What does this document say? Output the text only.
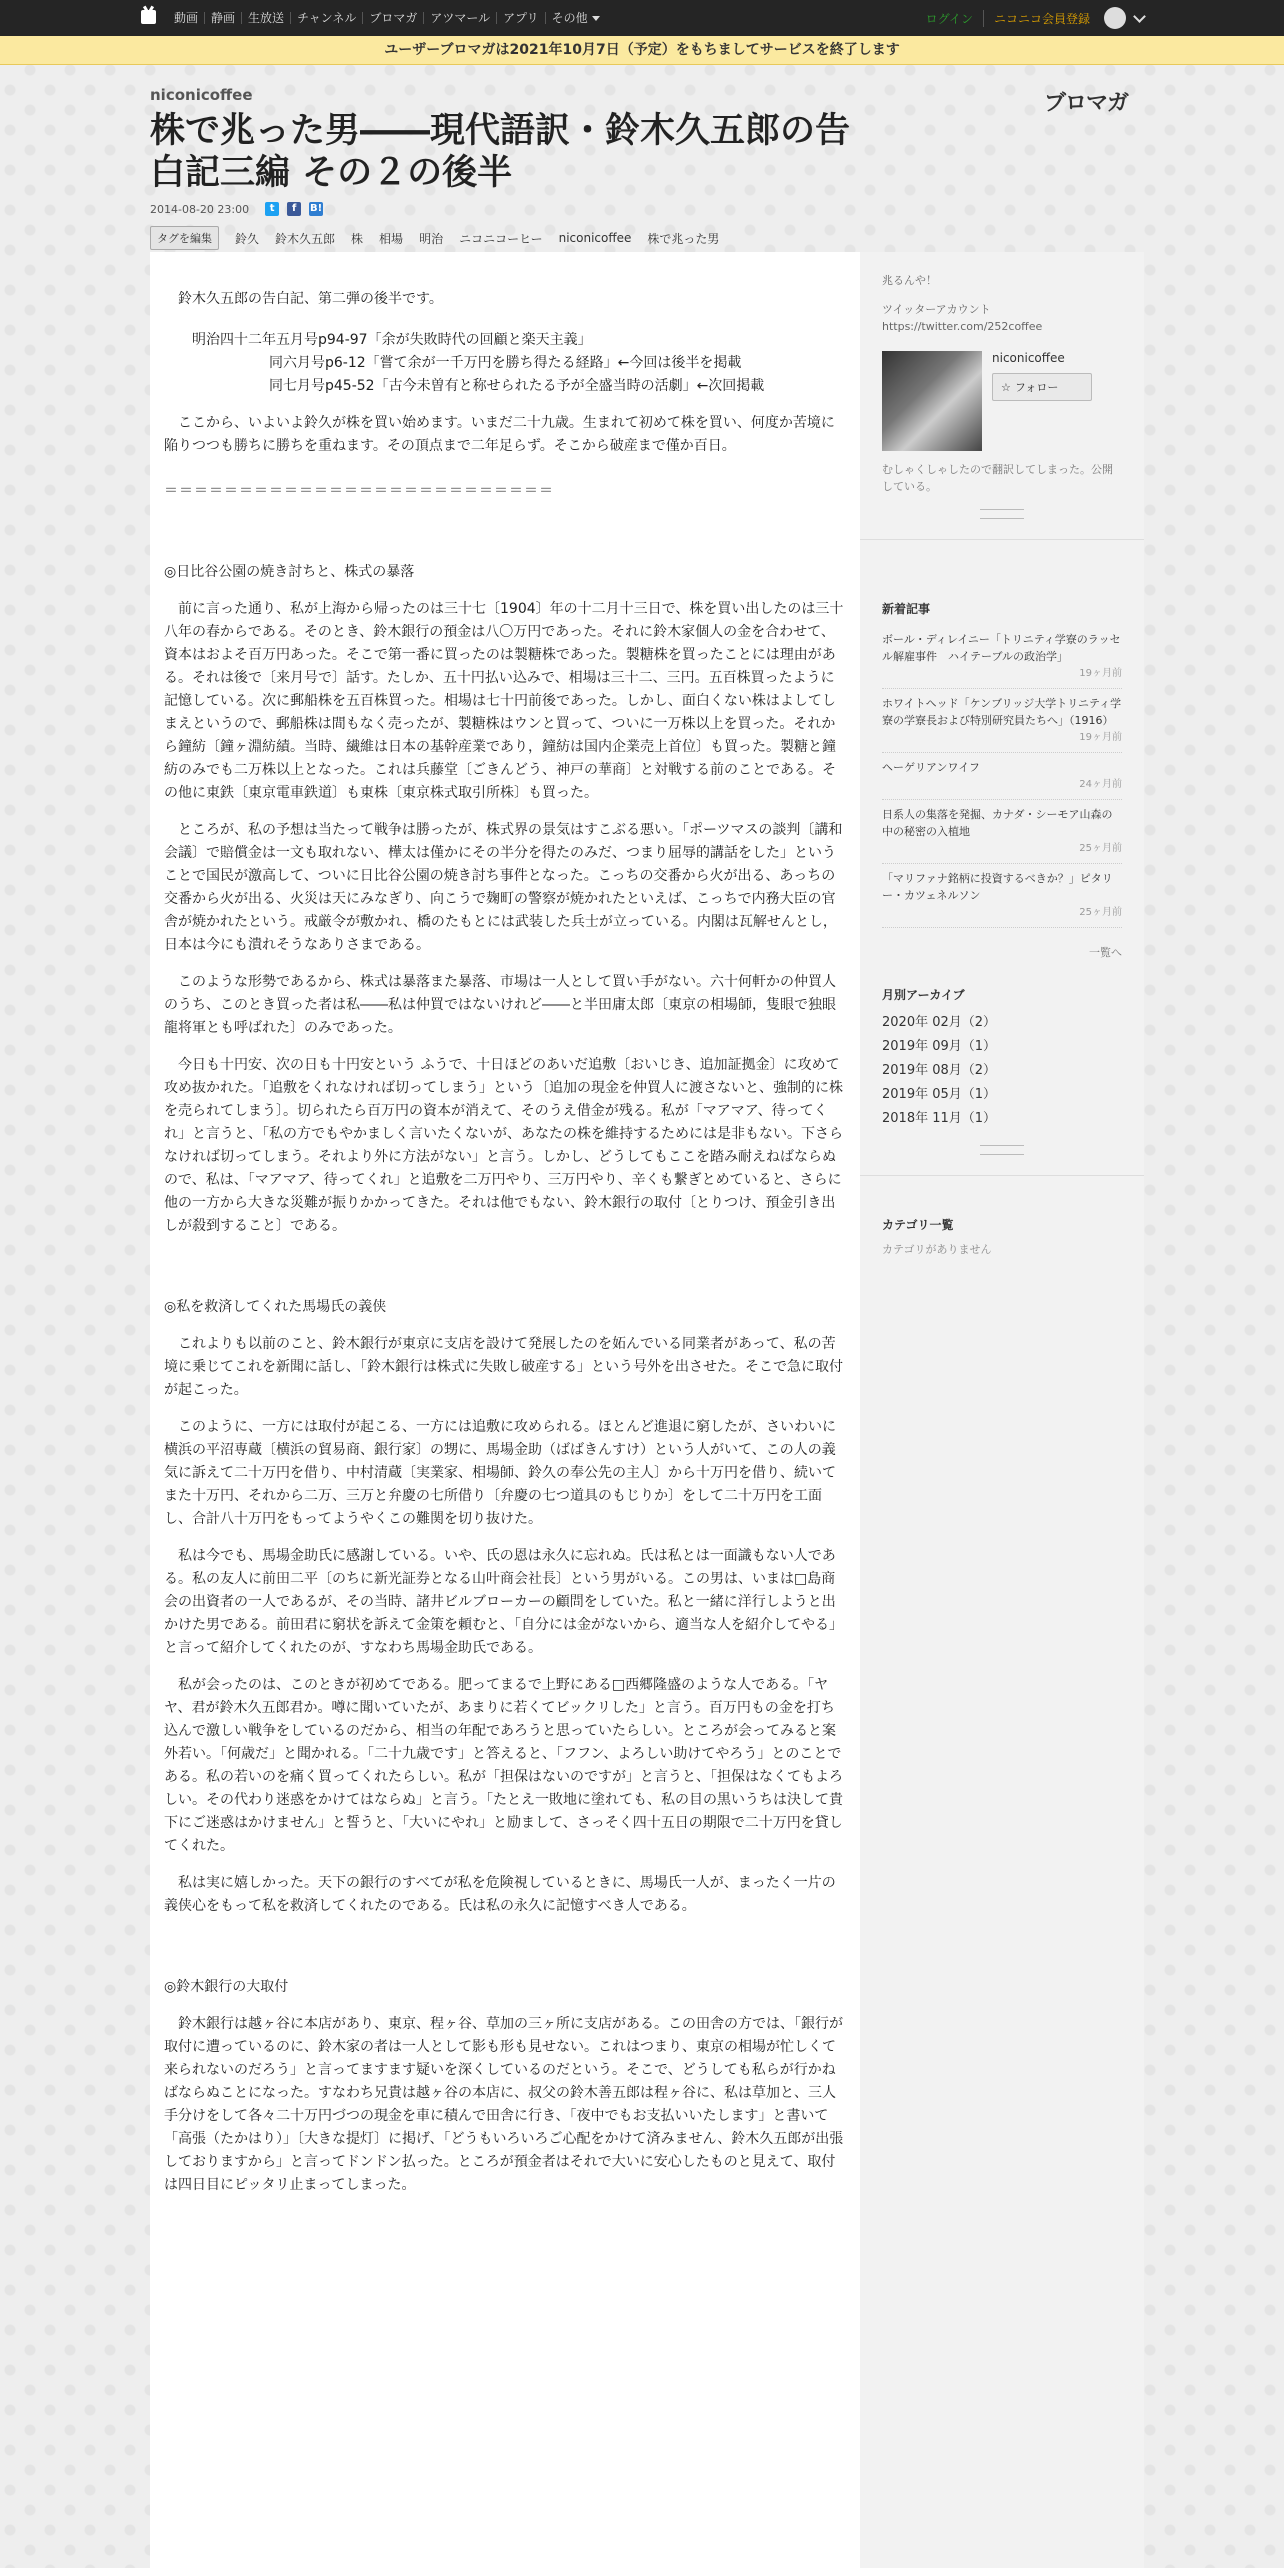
動画	静画	生放送	チャンネル	ブロマガ	アツマール	アプリ	その他	ログイン	ニコニコ会員登録
ユーザーブロマガは2021年10月7日（予定）をもちましてサービスを終了します
niconicoffee	ブロマガ
株で兆った男――現代語訳・鈴木久五郎の告白記三編 その２の後半
2014-08-20 23:00	t	f	B!
タグを編集	鈴久 鈴木久五郎 株 相場 明治 ニコニコーヒー niconicoffee 株で兆った男

鈴木久五郎の告白記、第二弾の後半です。

明治四十二年五月号p94-97「余が失敗時代の回顧と楽天主義」

同六月号p6-12「嘗て余が一千万円を勝ち得たる経路」←今回は後半を掲載

同七月号p45-52「古今未曽有と称せられたる予が全盛当時の活劇」←次回掲載

ここから、いよいよ鈴久が株を買い始めます。いまだ二十九歳。生まれて初めて株を買い、何度か苦境に陥りつつも勝ちに勝ちを重ねます。その頂点まで二年足らず。そこから破産まで僅か百日。

＝＝＝＝＝＝＝＝＝＝＝＝＝＝＝＝＝＝＝＝＝＝＝＝＝＝

◎日比谷公園の焼き討ちと、株式の暴落

前に言った通り、私が上海から帰ったのは三十七〔1904〕年の十二月十三日で、株を買い出したのは三十八年の春からである。そのとき、鈴木銀行の預金は八〇万円であった。それに鈴木家個人の金を合わせて、資本はおよそ百万円あった。そこで第一番に買ったのは製糖株であった。製糖株を買ったことには理由がある。それは後で〔来月号で〕話す。たしか、五十円払い込みで、相場は三十二、三円。五百株買ったように記憶している。次に郵船株を五百株買った。相場は七十円前後であった。しかし、面白くない株はよしてしまえというので、郵船株は間もなく売ったが、製糖株はウンと買って、ついに一万株以上を買った。それから鐘紡〔鐘ヶ淵紡績。当時、繊維は日本の基幹産業であり，鐘紡は国内企業売上首位〕も買った。製糖と鐘紡のみでも二万株以上となった。これは兵藤堂〔ごきんどう、神戸の華商〕と対戦する前のことである。その他に東鉄〔東京電車鉄道〕も東株〔東京株式取引所株〕も買った。

ところが、私の予想は当たって戦争は勝ったが、株式界の景気はすこぶる悪い。「ポーツマスの談判〔講和会議〕で賠償金は一文も取れない、樺太は僅かにその半分を得たのみだ、つまり屈辱的講話をした」ということで国民が激高して、ついに日比谷公園の焼き討ち事件となった。こっちの交番から火が出る、あっちの交番から火が出る、火災は天にみなぎり、向こうで麹町の警察が焼かれたといえば、こっちで内務大臣の官舎が焼かれたという。戒厳令が敷かれ、橋のたもとには武装した兵士が立っている。内閣は瓦解せんとし，日本は今にも潰れそうなありさまである。

このような形勢であるから、株式は暴落また暴落、市場は一人として買い手がない。六十何軒かの仲買人のうち、このとき買った者は私――私は仲買ではないけれど――と半田庸太郎〔東京の相場師，隻眼で独眼龍将軍とも呼ばれた〕のみであった。

今日も十円安、次の日も十円安という ふうで、十日ほどのあいだ追敷〔おいじき、追加証拠金〕に攻めて攻め抜かれた。「追敷をくれなければ切ってしまう」という〔追加の現金を仲買人に渡さないと、強制的に株を売られてしまう〕。切られたら百万円の資本が消えて、そのうえ借金が残る。私が「マアマア、待ってくれ」と言うと、「私の方でもやかましく言いたくないが、あなたの株を維持するためには是非もない。下さらなければ切ってしまう。それより外に方法がない」と言う。しかし、どうしてもここを踏み耐えねばならぬので、私は、「マアマア、待ってくれ」と追敷を二万円やり、三万円やり、辛くも繋ぎとめていると、さらに他の一方から大きな災難が振りかかってきた。それは他でもない、鈴木銀行の取付〔とりつけ、預金引き出しが殺到すること〕である。

◎私を救済してくれた馬場氏の義侠

これよりも以前のこと、鈴木銀行が東京に支店を設けて発展したのを妬んでいる同業者があって、私の苦境に乗じてこれを新聞に話し、「鈴木銀行は株式に失敗し破産する」という号外を出させた。そこで急に取付が起こった。

このように、一方には取付が起こる、一方には追敷に攻められる。ほとんど進退に窮したが、さいわいに横浜の平沼専蔵〔横浜の貿易商、銀行家〕の甥に、馬場金助（ばばきんすけ）という人がいて、この人の義気に訴えて二十万円を借り、中村清蔵〔実業家、相場師、鈴久の奉公先の主人〕から十万円を借り、続いてまた十万円、それから二万、三万と弁慶の七所借り〔弁慶の七つ道具のもじりか〕をして二十万円を工面し、合計八十万円をもってようやくこの難関を切り抜けた。

私は今でも、馬場金助氏に感謝している。いや、氏の恩は永久に忘れぬ。氏は私とは一面識もない人である。私の友人に前田二平〔のちに新光証券となる山叶商会社長〕という男がいる。この男は、いまは□島商会の出資者の一人であるが、その当時、諸井ビルブローカーの顧問をしていた。私と一緒に洋行しようと出かけた男である。前田君に窮状を訴えて金策を頼むと、「自分には金がないから、適当な人を紹介してやる」と言って紹介してくれたのが、すなわち馬場金助氏である。

私が会ったのは、このときが初めてである。肥ってまるで上野にある□西郷隆盛のような人である。「ヤヤ、君が鈴木久五郎君か。噂に聞いていたが、あまりに若くてビックリした」と言う。百万円もの金を打ち込んで激しい戦争をしているのだから、相当の年配であろうと思っていたらしい。ところが会ってみると案外若い。「何歳だ」と聞かれる。「二十九歳です」と答えると、「フフン、よろしい助けてやろう」とのことである。私の若いのを痛く買ってくれたらしい。私が「担保はないのですが」と言うと、「担保はなくてもよろしい。その代わり迷惑をかけてはならぬ」と言う。「たとえ一敗地に塗れても、私の目の黒いうちは決して貴下にご迷惑はかけません」と誓うと、「大いにやれ」と励まして、さっそく四十五日の期限で二十万円を貸してくれた。

私は実に嬉しかった。天下の銀行のすべてが私を危険視しているときに、馬場氏一人が、まったく一片の義侠心をもって私を救済してくれたのである。氏は私の永久に記憶すべき人である。

◎鈴木銀行の大取付

鈴木銀行は越ヶ谷に本店があり、東京、程ヶ谷、草加の三ヶ所に支店がある。この田舎の方では、「銀行が取付に遭っているのに、鈴木家の者は一人として影も形も見せない。これはつまり、東京の相場が忙しくて来られないのだろう」と言ってますます疑いを深くしているのだという。そこで、どうしても私らが行かねばならぬことになった。すなわち兄貴は越ヶ谷の本店に、叔父の鈴木善五郎は程ヶ谷に、私は草加と、三人手分けをして各々二十万円づつの現金を車に積んで田舎に行き、「夜中でもお支払いいたします」と書いて「高張（たかはり）」〔大きな提灯〕に掲げ、「どうもいろいろご心配をかけて済みません、鈴木久五郎が出張しておりますから」と言ってドンドン払った。ところが預金者はそれで大いに安心したものと見えて、取付は四日目にピッタリ止まってしまった。

兆るんや！
ツイッターアカウント https://twitter.com/252coffee
niconicoffee
☆ フォロー
むしゃくしゃしたので翻訳してしまった。公開している。
新着記事
ボール・ディレイニー「トリニティ学寮のラッセル解雇事件　ハイテーブルの政治学」
19ヶ月前
ホワイトヘッド「ケンブリッジ大学トリニティ学寮の学寮長および特別研究員たちへ」（1916）
19ヶ月前
ヘーゲリアンワイフ
24ヶ月前
日系人の集落を発掘、カナダ・シーモア山森の中の秘密の入植地
25ヶ月前
「マリファナ銘柄に投資するべきか？」ピタリー・カツェネルソン
25ヶ月前
一覧へ
月別アーカイブ
2020年 02月（2）
2019年 09月（1）
2019年 08月（2）
2019年 05月（1）
2018年 11月（1）
カテゴリ一覧
カテゴリがありません
